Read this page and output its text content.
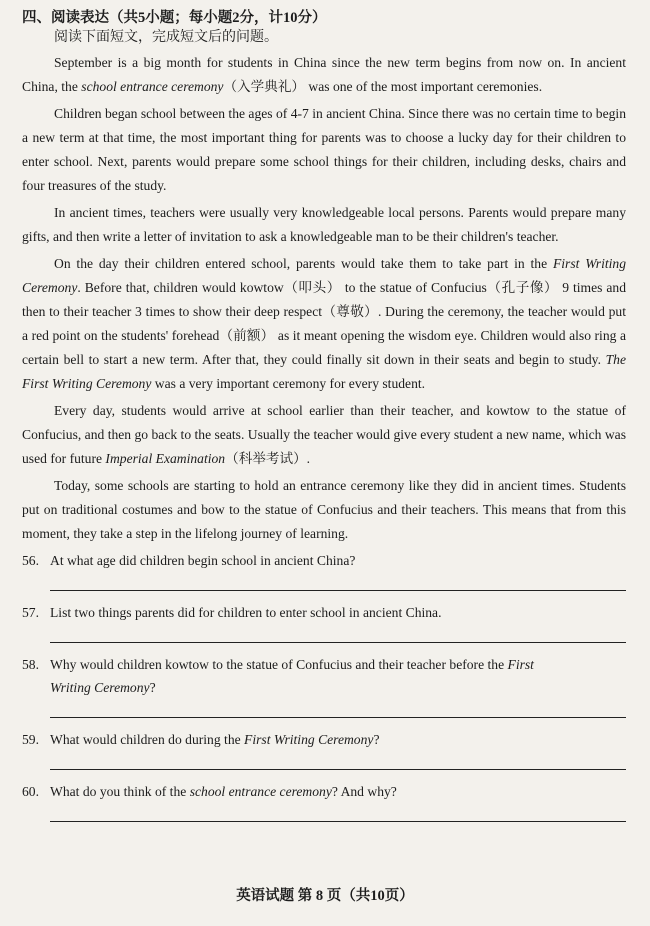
四、阅读表达（共5小题；每小题2分，计10分）
阅读下面短文，完成短文后的问题。

September is a big month for students in China since the new term begins from now on. In ancient China, the school entrance ceremony（入学典礼） was one of the most important ceremonies.

Children began school between the ages of 4-7 in ancient China. Since there was no certain time to begin a new term at that time, the most important thing for parents was to choose a lucky day for their children to enter school. Next, parents would prepare some school things for their children, including desks, chairs and four treasures of the study.

In ancient times, teachers were usually very knowledgeable local persons. Parents would prepare many gifts, and then write a letter of invitation to ask a knowledgeable man to be their children's teacher.

On the day their children entered school, parents would take them to take part in the First Writing Ceremony. Before that, children would kowtow（叩头） to the statue of Confucius（孔子像） 9 times and then to their teacher 3 times to show their deep respect（尊敬）. During the ceremony, the teacher would put a red point on the students' forehead（前额） as it meant opening the wisdom eye. Children would also ring a certain bell to start a new term. After that, they could finally sit down in their seats and begin to study. The First Writing Ceremony was a very important ceremony for every student.

Every day, students would arrive at school earlier than their teacher, and kowtow to the statue of Confucius, and then go back to the seats. Usually the teacher would give every student a new name, which was used for future Imperial Examination（科举考试）.

Today, some schools are starting to hold an entrance ceremony like they did in ancient times. Students put on traditional costumes and bow to the statue of Confucius and their teachers. This means that from this moment, they take a step in the lifelong journey of learning.

56. At what age did children begin school in ancient China?
57. List two things parents did for children to enter school in ancient China.
58. Why would children kowtow to the statue of Confucius and their teacher before the First
Writing Ceremony?
59. What would children do during the First Writing Ceremony?
60. What do you think of the school entrance ceremony? And why?
英语试题 第 8 页（共10页）
